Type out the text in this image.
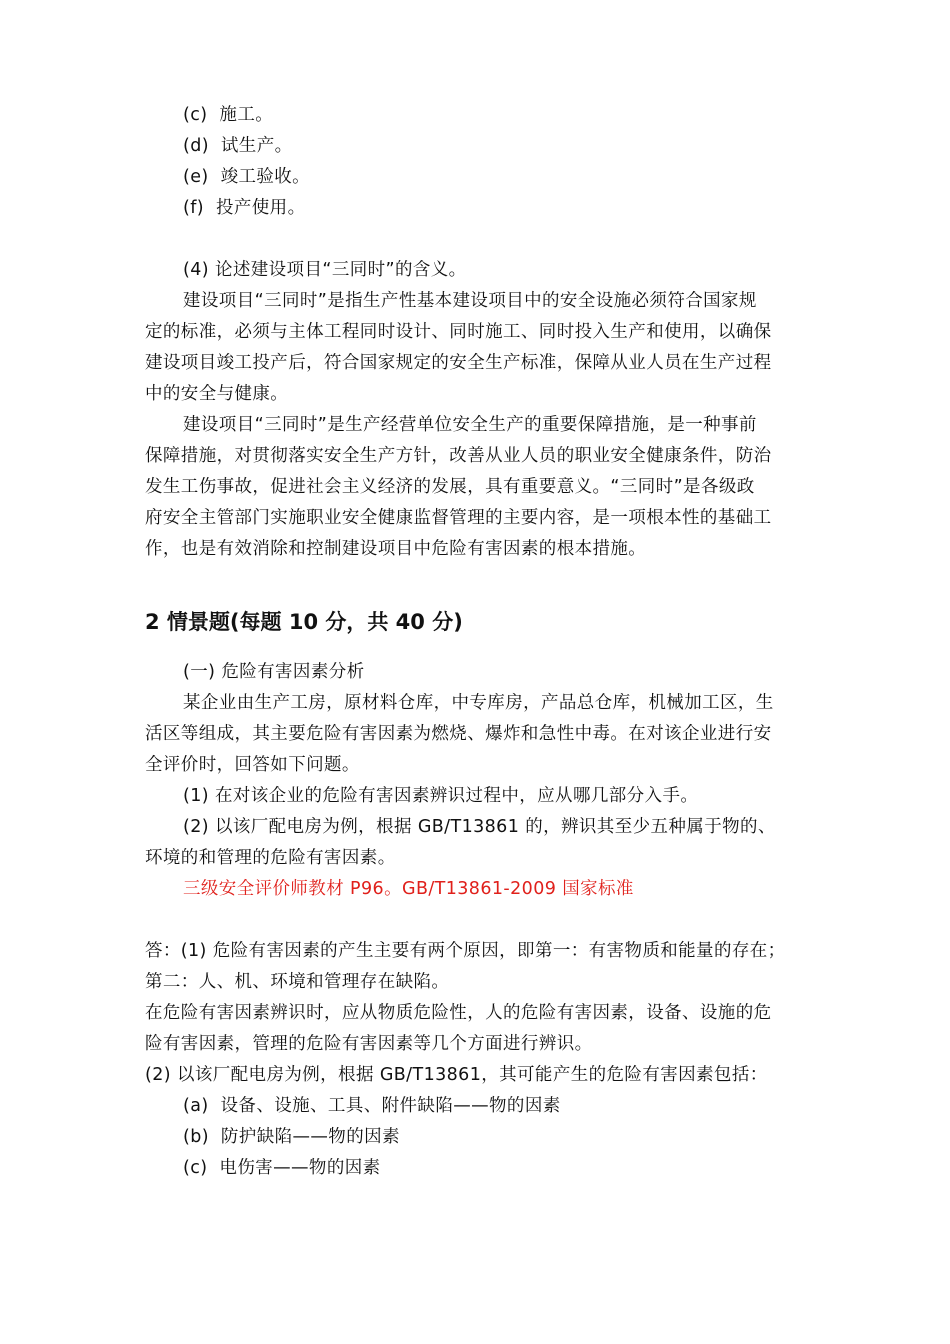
(c) 施工。
(d) 试生产。
(e) 竣工验收。
(f) 投产使用。
(4) 论述建设项目“三同时”的含义。
建设项目“三同时”是指生产性基本建设项目中的安全设施必须符合国家规
定的标准，必须与主体工程同时设计、同时施工、同时投入生产和使用，以确保
建设项目竣工投产后，符合国家规定的安全生产标准，保障从业人员在生产过程
中的安全与健康。
建设项目“三同时”是生产经营单位安全生产的重要保障措施，是一种事前
保障措施，对贯彻落实安全生产方针，改善从业人员的职业安全健康条件，防治
发生工伤事故，促进社会主义经济的发展，具有重要意义。“三同时”是各级政
府安全主管部门实施职业安全健康监督管理的主要内容，是一项根本性的基础工
作，也是有效消除和控制建设项目中危险有害因素的根本措施。
2 情景题(每题 10 分，共 40 分)
(一) 危险有害因素分析
某企业由生产工房，原材料仓库，中专库房，产品总仓库，机械加工区，生
活区等组成，其主要危险有害因素为燃烧、爆炸和急性中毒。在对该企业进行安
全评价时，回答如下问题。
(1) 在对该企业的危险有害因素辨识过程中，应从哪几部分入手。
(2) 以该厂配电房为例，根据 GB/T13861 的，辨识其至少五种属于物的、
环境的和管理的危险有害因素。
三级安全评价师教材 P96。GB/T13861-2009 国家标准
答：(1) 危险有害因素的产生主要有两个原因，即第一：有害物质和能量的存在；
第二：人、机、环境和管理存在缺陷。
在危险有害因素辨识时，应从物质危险性，人的危险有害因素，设备、设施的危
险有害因素，管理的危险有害因素等几个方面进行辨识。
(2) 以该厂配电房为例，根据 GB/T13861，其可能产生的危险有害因素包括：
(a) 设备、设施、工具、附件缺陷——物的因素
(b) 防护缺陷——物的因素
(c) 电伤害——物的因素
